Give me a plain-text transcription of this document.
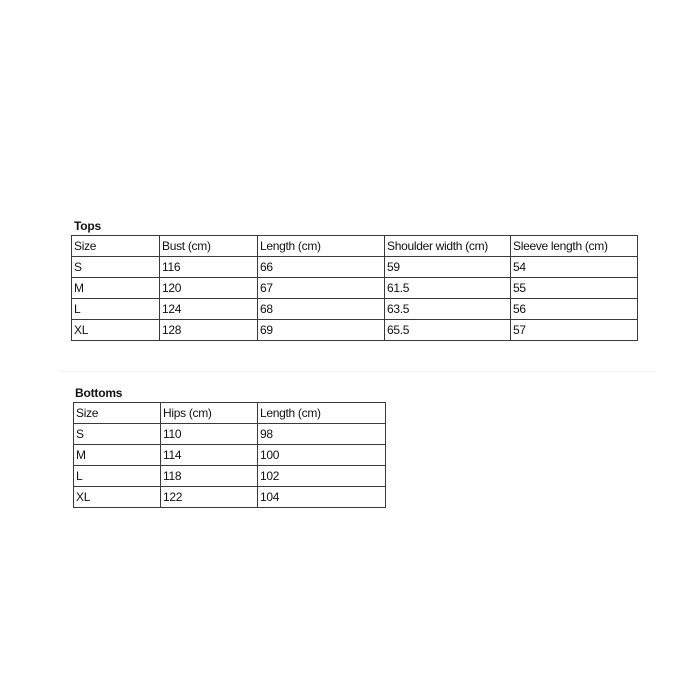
Tops
Size	Bust (cm)	Length (cm)	Shoulder width (cm)	Sleeve length (cm)
S	116	66	59	54
M	120	67	61.5	55
L	124	68	63.5	56
XL	128	69	65.5	57
Bottoms
Size	Hips (cm)	Length (cm)
S	110	98
M	114	100
L	118	102
XL	122	104
